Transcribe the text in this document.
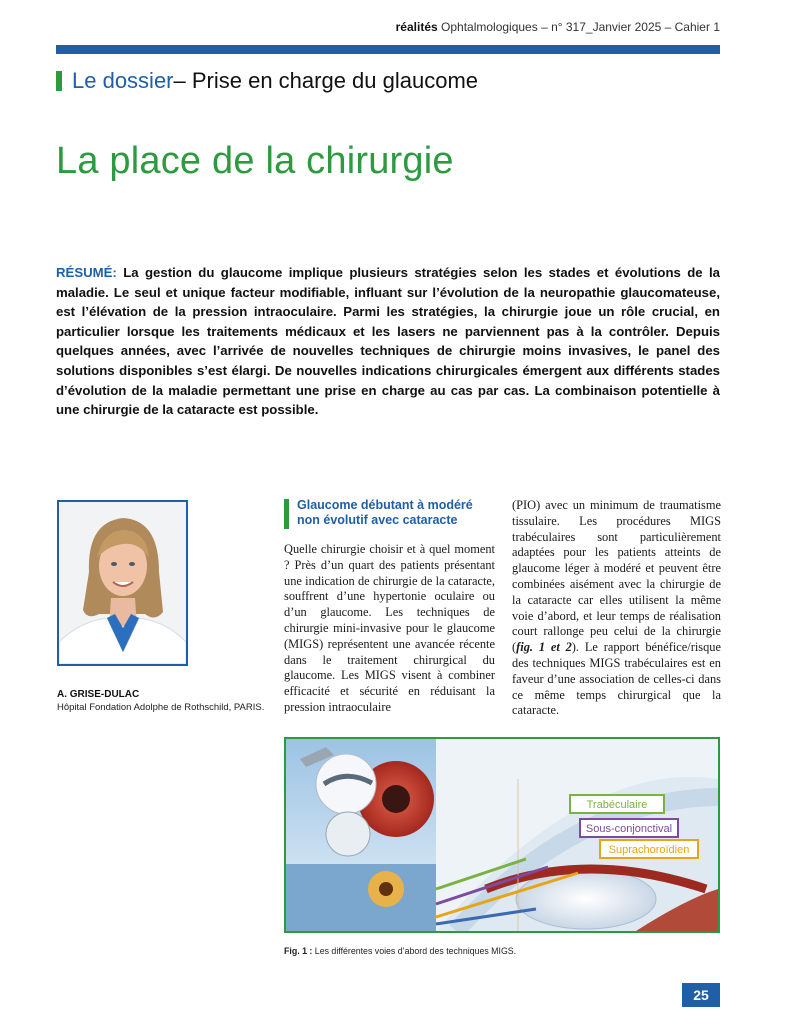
réalités Ophtalmologiques – n° 317_Janvier 2025 – Cahier 1
Le dossier – Prise en charge du glaucome
La place de la chirurgie
RÉSUMÉ: La gestion du glaucome implique plusieurs stratégies selon les stades et évolutions de la maladie. Le seul et unique facteur modifiable, influant sur l’évolution de la neuropathie glaucomateuse, est l’élévation de la pression intraoculaire. Parmi les stratégies, la chirurgie joue un rôle crucial, en particulier lorsque les traitements médicaux et les lasers ne parviennent pas à la contrôler. Depuis quelques années, avec l’arrivée de nouvelles techniques de chirurgie moins invasives, le panel des solutions disponibles s’est élargi. De nouvelles indications chirurgicales émergent aux différents stades d’évolution de la maladie permettant une prise en charge au cas par cas. La combinaison potentielle à une chirurgie de la cataracte est possible.
A. GRISE-DULAC
Hôpital Fondation Adolphe de Rothschild, PARIS.
Glaucome débutant à modéré non évolutif avec cataracte
Quelle chirurgie choisir et à quel moment ? Près d’un quart des patients présentant une indication de chirurgie de la cataracte, souffrent d’une hypertonie oculaire ou d’un glaucome. Les techniques de chirurgie mini-invasive pour le glaucome (MIGS) représentent une avancée récente dans le traitement chirurgical du glaucome. Les MIGS visent à combiner efficacité et sécurité en réduisant la pression intraoculaire
(PIO) avec un minimum de traumatisme tissulaire. Les procédures MIGS trabéculaires sont particulièrement adaptées pour les patients atteints de glaucome léger à modéré et peuvent être combinées aisément avec la chirurgie de la cataracte car elles utilisent la même voie d’abord, et leur temps de réalisation court rallonge peu celui de la chirurgie (fig. 1 et 2). Le rapport bénéfice/risque des techniques MIGS trabéculaires est en faveur d’une association de celles-ci dans ce même temps chirurgical que la cataracte.
Trabéculaire
Sous-conjonctival
Suprachoroïdien
Fig. 1 : Les différentes voies d’abord des techniques MIGS.
25
